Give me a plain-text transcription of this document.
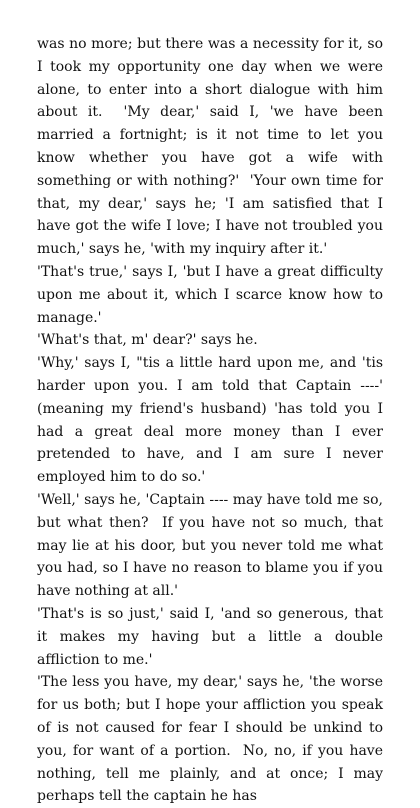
was no more; but there was a necessity for it, so I took my opportunity one day when we were alone, to enter into a short dialogue with him about it.  'My dear,' said I, 'we have been married a fortnight; is it not time to let you know whether you have got a wife with something or with nothing?'  'Your own time for that, my dear,' says he; 'I am satisfied that I have got the wife I love; I have not troubled you much,' says he, 'with my inquiry after it.'

'That's true,' says I, 'but I have a great difficulty upon me about it, which I scarce know how to manage.'

'What's that, m' dear?' says he.

'Why,' says I, "tis a little hard upon me, and 'tis harder upon you. I am told that Captain ----' (meaning my friend's husband) 'has told you I had a great deal more money than I ever pretended to have, and I am sure I never employed him to do so.'

'Well,' says he, 'Captain ---- may have told me so, but what then?  If you have not so much, that may lie at his door, but you never told me what you had, so I have no reason to blame you if you have nothing at all.'

'That's is so just,' said I, 'and so generous, that it makes my having but a little a double affliction to me.'

'The less you have, my dear,' says he, 'the worse for us both; but I hope your affliction you speak of is not caused for fear I should be unkind to you, for want of a portion.  No, no, if you have nothing, tell me plainly, and at once; I may perhaps tell the captain he has
